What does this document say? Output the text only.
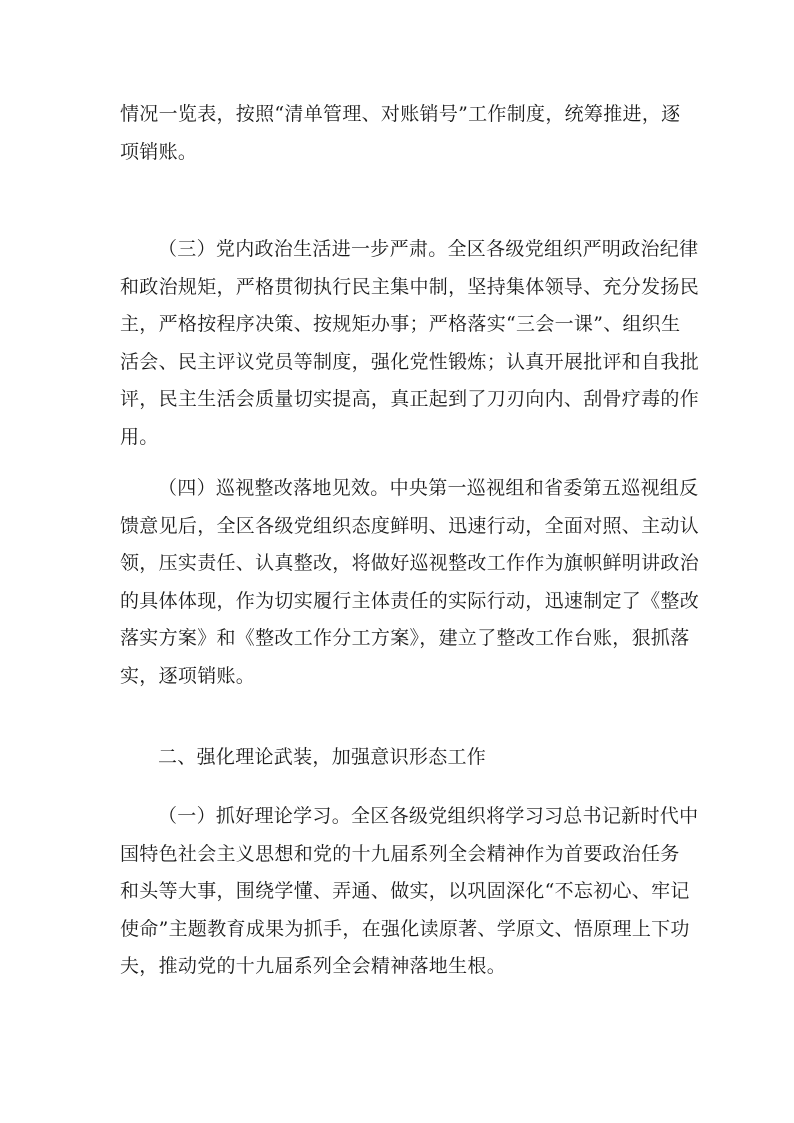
情况一览表，按照“清单管理、对账销号”工作制度，统筹推进，逐
项销账。
（三）党内政治生活进一步严肃。全区各级党组织严明政治纪律
和政治规矩，严格贯彻执行民主集中制，坚持集体领导、充分发扬民
主，严格按程序决策、按规矩办事；严格落实“三会一课”、组织生
活会、民主评议党员等制度，强化党性锻炼；认真开展批评和自我批
评，民主生活会质量切实提高，真正起到了刀刃向内、刮骨疗毒的作
用。
（四）巡视整改落地见效。中央第一巡视组和省委第五巡视组反
馈意见后，全区各级党组织态度鲜明、迅速行动，全面对照、主动认
领，压实责任、认真整改，将做好巡视整改工作作为旗帜鲜明讲政治
的具体体现，作为切实履行主体责任的实际行动，迅速制定了《整改
落实方案》和《整改工作分工方案》，建立了整改工作台账，狠抓落
实，逐项销账。
二、强化理论武装，加强意识形态工作
（一）抓好理论学习。全区各级党组织将学习习总书记新时代中
国特色社会主义思想和党的十九届系列全会精神作为首要政治任务
和头等大事，围绕学懂、弄通、做实，以巩固深化“不忘初心、牢记
使命”主题教育成果为抓手，在强化读原著、学原文、悟原理上下功
夫，推动党的十九届系列全会精神落地生根。
